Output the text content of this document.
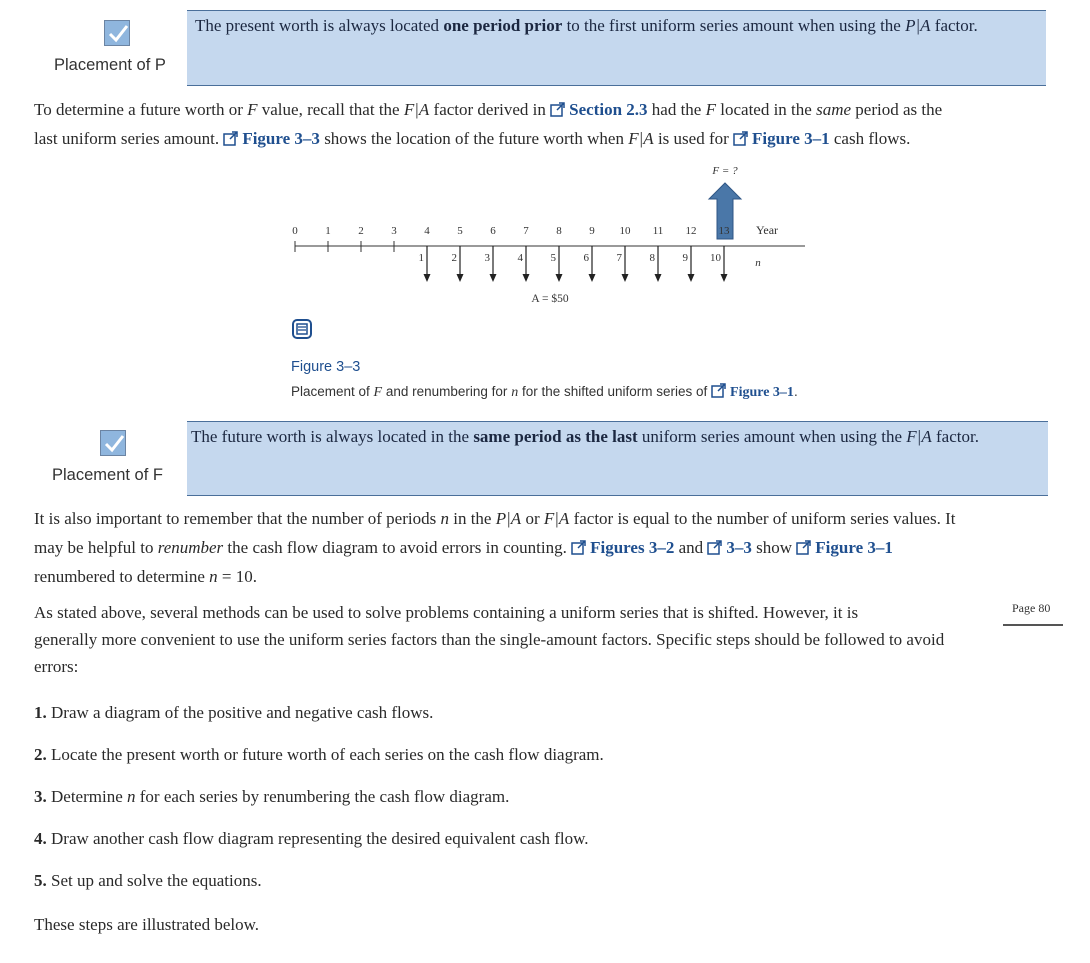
The present worth is always located one period prior to the first uniform series amount when using the P|A factor.
Placement of P
To determine a future worth or F value, recall that the F|A factor derived in Section 2.3 had the F located in the same period as the
last uniform series amount. Figure 3–3 shows the location of the future worth when F|A is used for Figure 3–1 cash flows.
F = ?
Year
n
0	1	2	3	4	5	6	7	8	9 10 11 12 13
1	2	3	4	5	6	7	8	9 10
A = $50
Figure 3–3
Placement of F and renumbering for n for the shifted uniform series of Figure 3–1.
The future worth is always located in the same period as the last uniform series amount when using the F|A factor.
Placement of F
It is also important to remember that the number of periods n in the P|A or F|A factor is equal to the number of uniform series values. It
may be helpful to renumber the cash flow diagram to avoid errors in counting. Figures 3–2 and 3–3 show Figure 3–1
renumbered to determine n = 10.
Page 80
As stated above, several methods can be used to solve problems containing a uniform series that is shifted. However, it is
generally more convenient to use the uniform series factors than the single-amount factors. Specific steps should be followed to avoid
errors:
1. Draw a diagram of the positive and negative cash flows.
2. Locate the present worth or future worth of each series on the cash flow diagram.
3. Determine n for each series by renumbering the cash flow diagram.
4. Draw another cash flow diagram representing the desired equivalent cash flow.
5. Set up and solve the equations.
These steps are illustrated below.
